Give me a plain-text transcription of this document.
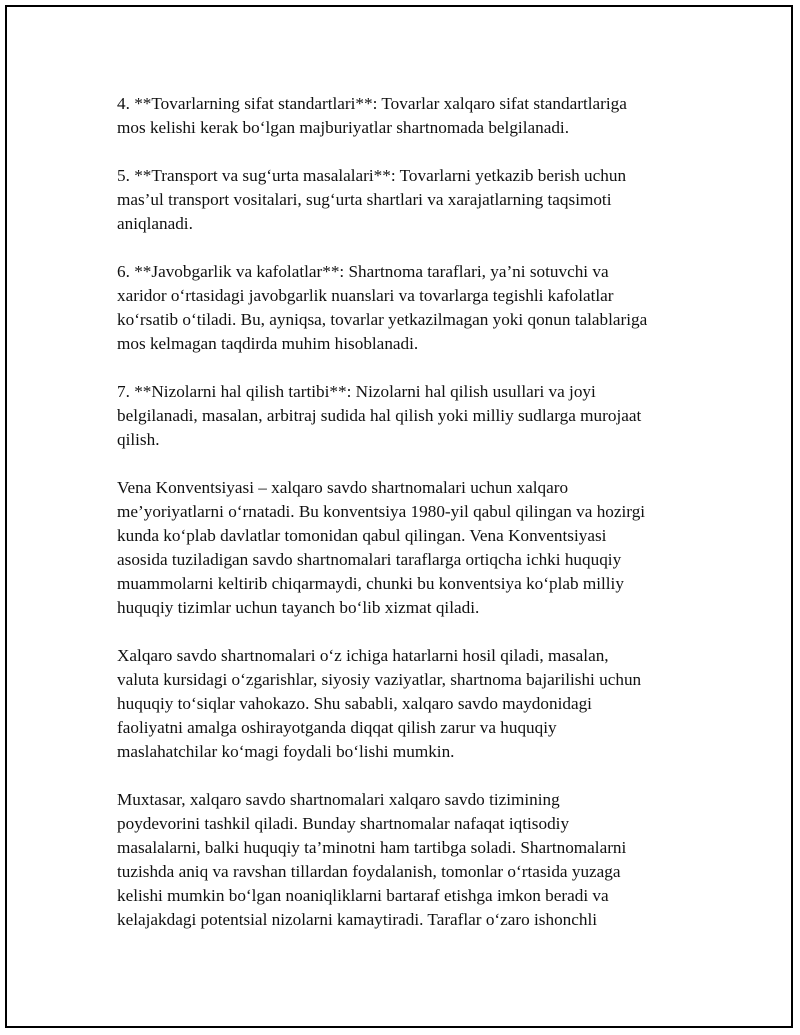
4. **Tovarlarning sifat standartlari**: Tovarlar xalqaro sifat standartlariga
mos kelishi kerak bo‘lgan majburiyatlar shartnomada belgilanadi.

5. **Transport va sug‘urta masalalari**: Tovarlarni yetkazib berish uchun
mas’ul transport vositalari, sug‘urta shartlari va xarajatlarning taqsimoti
aniqlanadi.

6. **Javobgarlik va kafolatlar**: Shartnoma taraflari, ya’ni sotuvchi va
xaridor o‘rtasidagi javobgarlik nuanslari va tovarlarga tegishli kafolatlar
ko‘rsatib o‘tiladi. Bu, ayniqsa, tovarlar yetkazilmagan yoki qonun talablariga
mos kelmagan taqdirda muhim hisoblanadi.

7. **Nizolarni hal qilish tartibi**: Nizolarni hal qilish usullari va joyi
belgilanadi, masalan, arbitraj sudida hal qilish yoki milliy sudlarga murojaat
qilish.

Vena Konventsiyasi – xalqaro savdo shartnomalari uchun xalqaro
me’yoriyatlarni o‘rnatadi. Bu konventsiya 1980-yil qabul qilingan va hozirgi
kunda ko‘plab davlatlar tomonidan qabul qilingan. Vena Konventsiyasi
asosida tuziladigan savdo shartnomalari taraflarga ortiqcha ichki huquqiy
muammolarni keltirib chiqarmaydi, chunki bu konventsiya ko‘plab milliy
huquqiy tizimlar uchun tayanch bo‘lib xizmat qiladi.

Xalqaro savdo shartnomalari o‘z ichiga hatarlarni hosil qiladi, masalan,
valuta kursidagi o‘zgarishlar, siyosiy vaziyatlar, shartnoma bajarilishi uchun
huquqiy to‘siqlar vahokazo. Shu sababli, xalqaro savdo maydonidagi
faoliyatni amalga oshirayotganda diqqat qilish zarur va huquqiy
maslahatchilar ko‘magi foydali bo‘lishi mumkin.

Muxtasar, xalqaro savdo shartnomalari xalqaro savdo tizimining
poydevorini tashkil qiladi. Bunday shartnomalar nafaqat iqtisodiy
masalalarni, balki huquqiy ta’minotni ham tartibga soladi. Shartnomalarni
tuzishda aniq va ravshan tillardan foydalanish, tomonlar o‘rtasida yuzaga
kelishi mumkin bo‘lgan noaniqliklarni bartaraf etishga imkon beradi va
kelajakdagi potentsial nizolarni kamaytiradi. Taraflar o‘zaro ishonchli
